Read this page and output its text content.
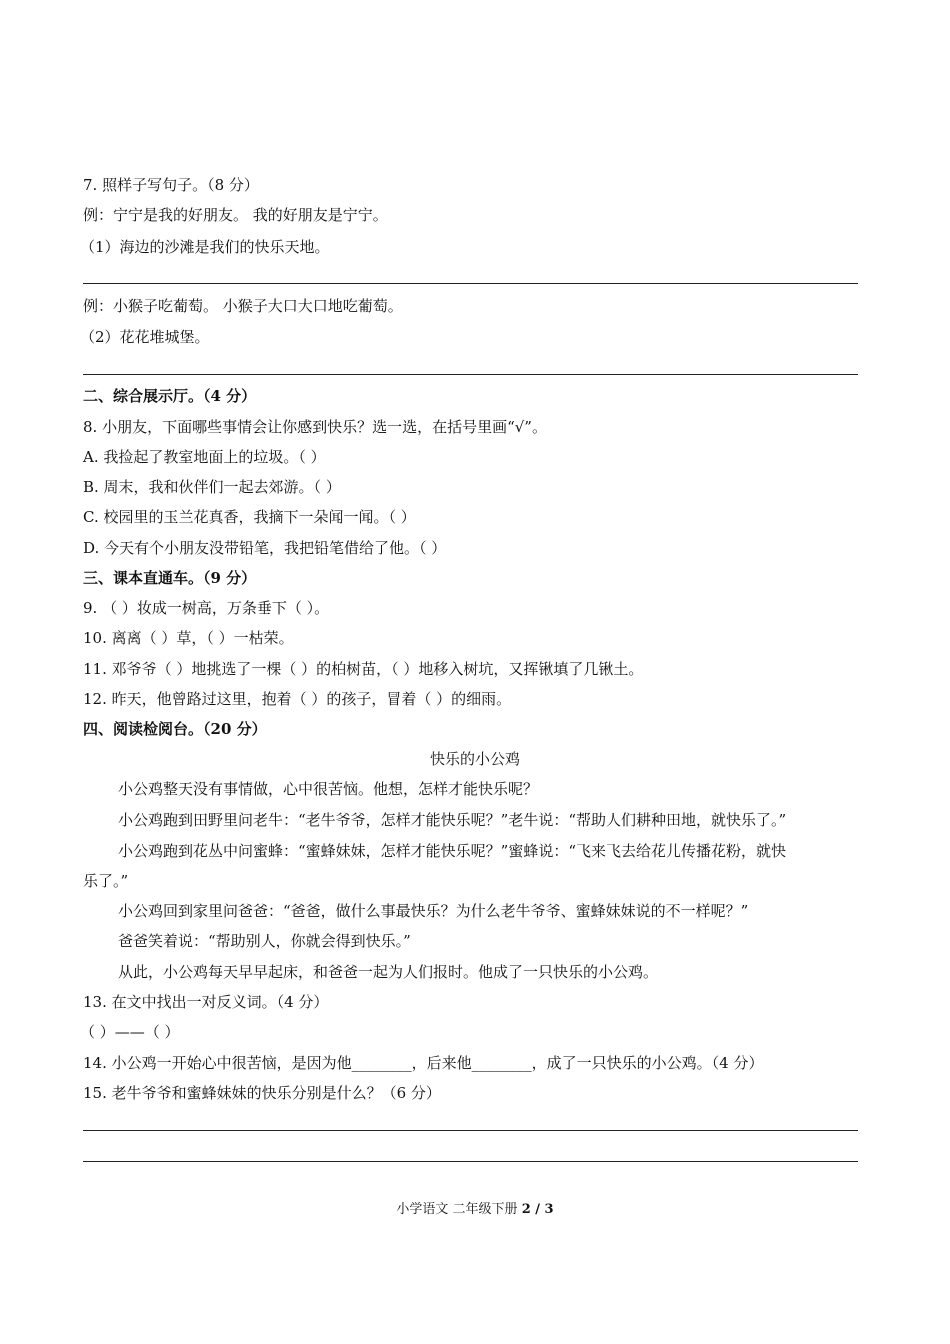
7. 照样子写句子。（8 分）
例：宁宁是我的好朋友。 我的好朋友是宁宁。
（1）海边的沙滩是我们的快乐天地。
例：小猴子吃葡萄。 小猴子大口大口地吃葡萄。
（2）花花堆城堡。
二、综合展示厅。（4 分）
8. 小朋友，下面哪些事情会让你感到快乐？选一选，在括号里画“√”。
A. 我捡起了教室地面上的垃圾。（ ）
B. 周末，我和伙伴们一起去郊游。（ ）
C. 校园里的玉兰花真香，我摘下一朵闻一闻。（ ）
D. 今天有个小朋友没带铅笔，我把铅笔借给了他。（ ）
三、课本直通车。（9 分）
9. （ ）妆成一树高，万条垂下（ ）。
10. 离离（ ）草，（ ）一枯荣。
11. 邓爷爷（ ）地挑选了一棵（ ）的柏树苗，（ ）地移入树坑，又挥锹填了几锹土。
12. 昨天，他曾路过这里，抱着（ ）的孩子，冒着（ ）的细雨。
四、阅读检阅台。（20 分）
快乐的小公鸡
小公鸡整天没有事情做，心中很苦恼。他想，怎样才能快乐呢？
小公鸡跑到田野里问老牛：“老牛爷爷，怎样才能快乐呢？”老牛说：“帮助人们耕种田地，就快乐了。”
小公鸡跑到花丛中问蜜蜂：“蜜蜂妹妹，怎样才能快乐呢？”蜜蜂说：“飞来飞去给花儿传播花粉，就快
乐了。”
小公鸡回到家里问爸爸：“爸爸，做什么事最快乐？为什么老牛爷爷、蜜蜂妹妹说的不一样呢？”
爸爸笑着说：“帮助别人，你就会得到快乐。”
从此，小公鸡每天早早起床，和爸爸一起为人们报时。他成了一只快乐的小公鸡。
13. 在文中找出一对反义词。（4 分）
（ ）——（ ）
14. 小公鸡一开始心中很苦恼，是因为他________，后来他________，成了一只快乐的小公鸡。（4 分）
15. 老牛爷爷和蜜蜂妹妹的快乐分别是什么？（6 分）
小学语文 二年级下册 2 / 3
